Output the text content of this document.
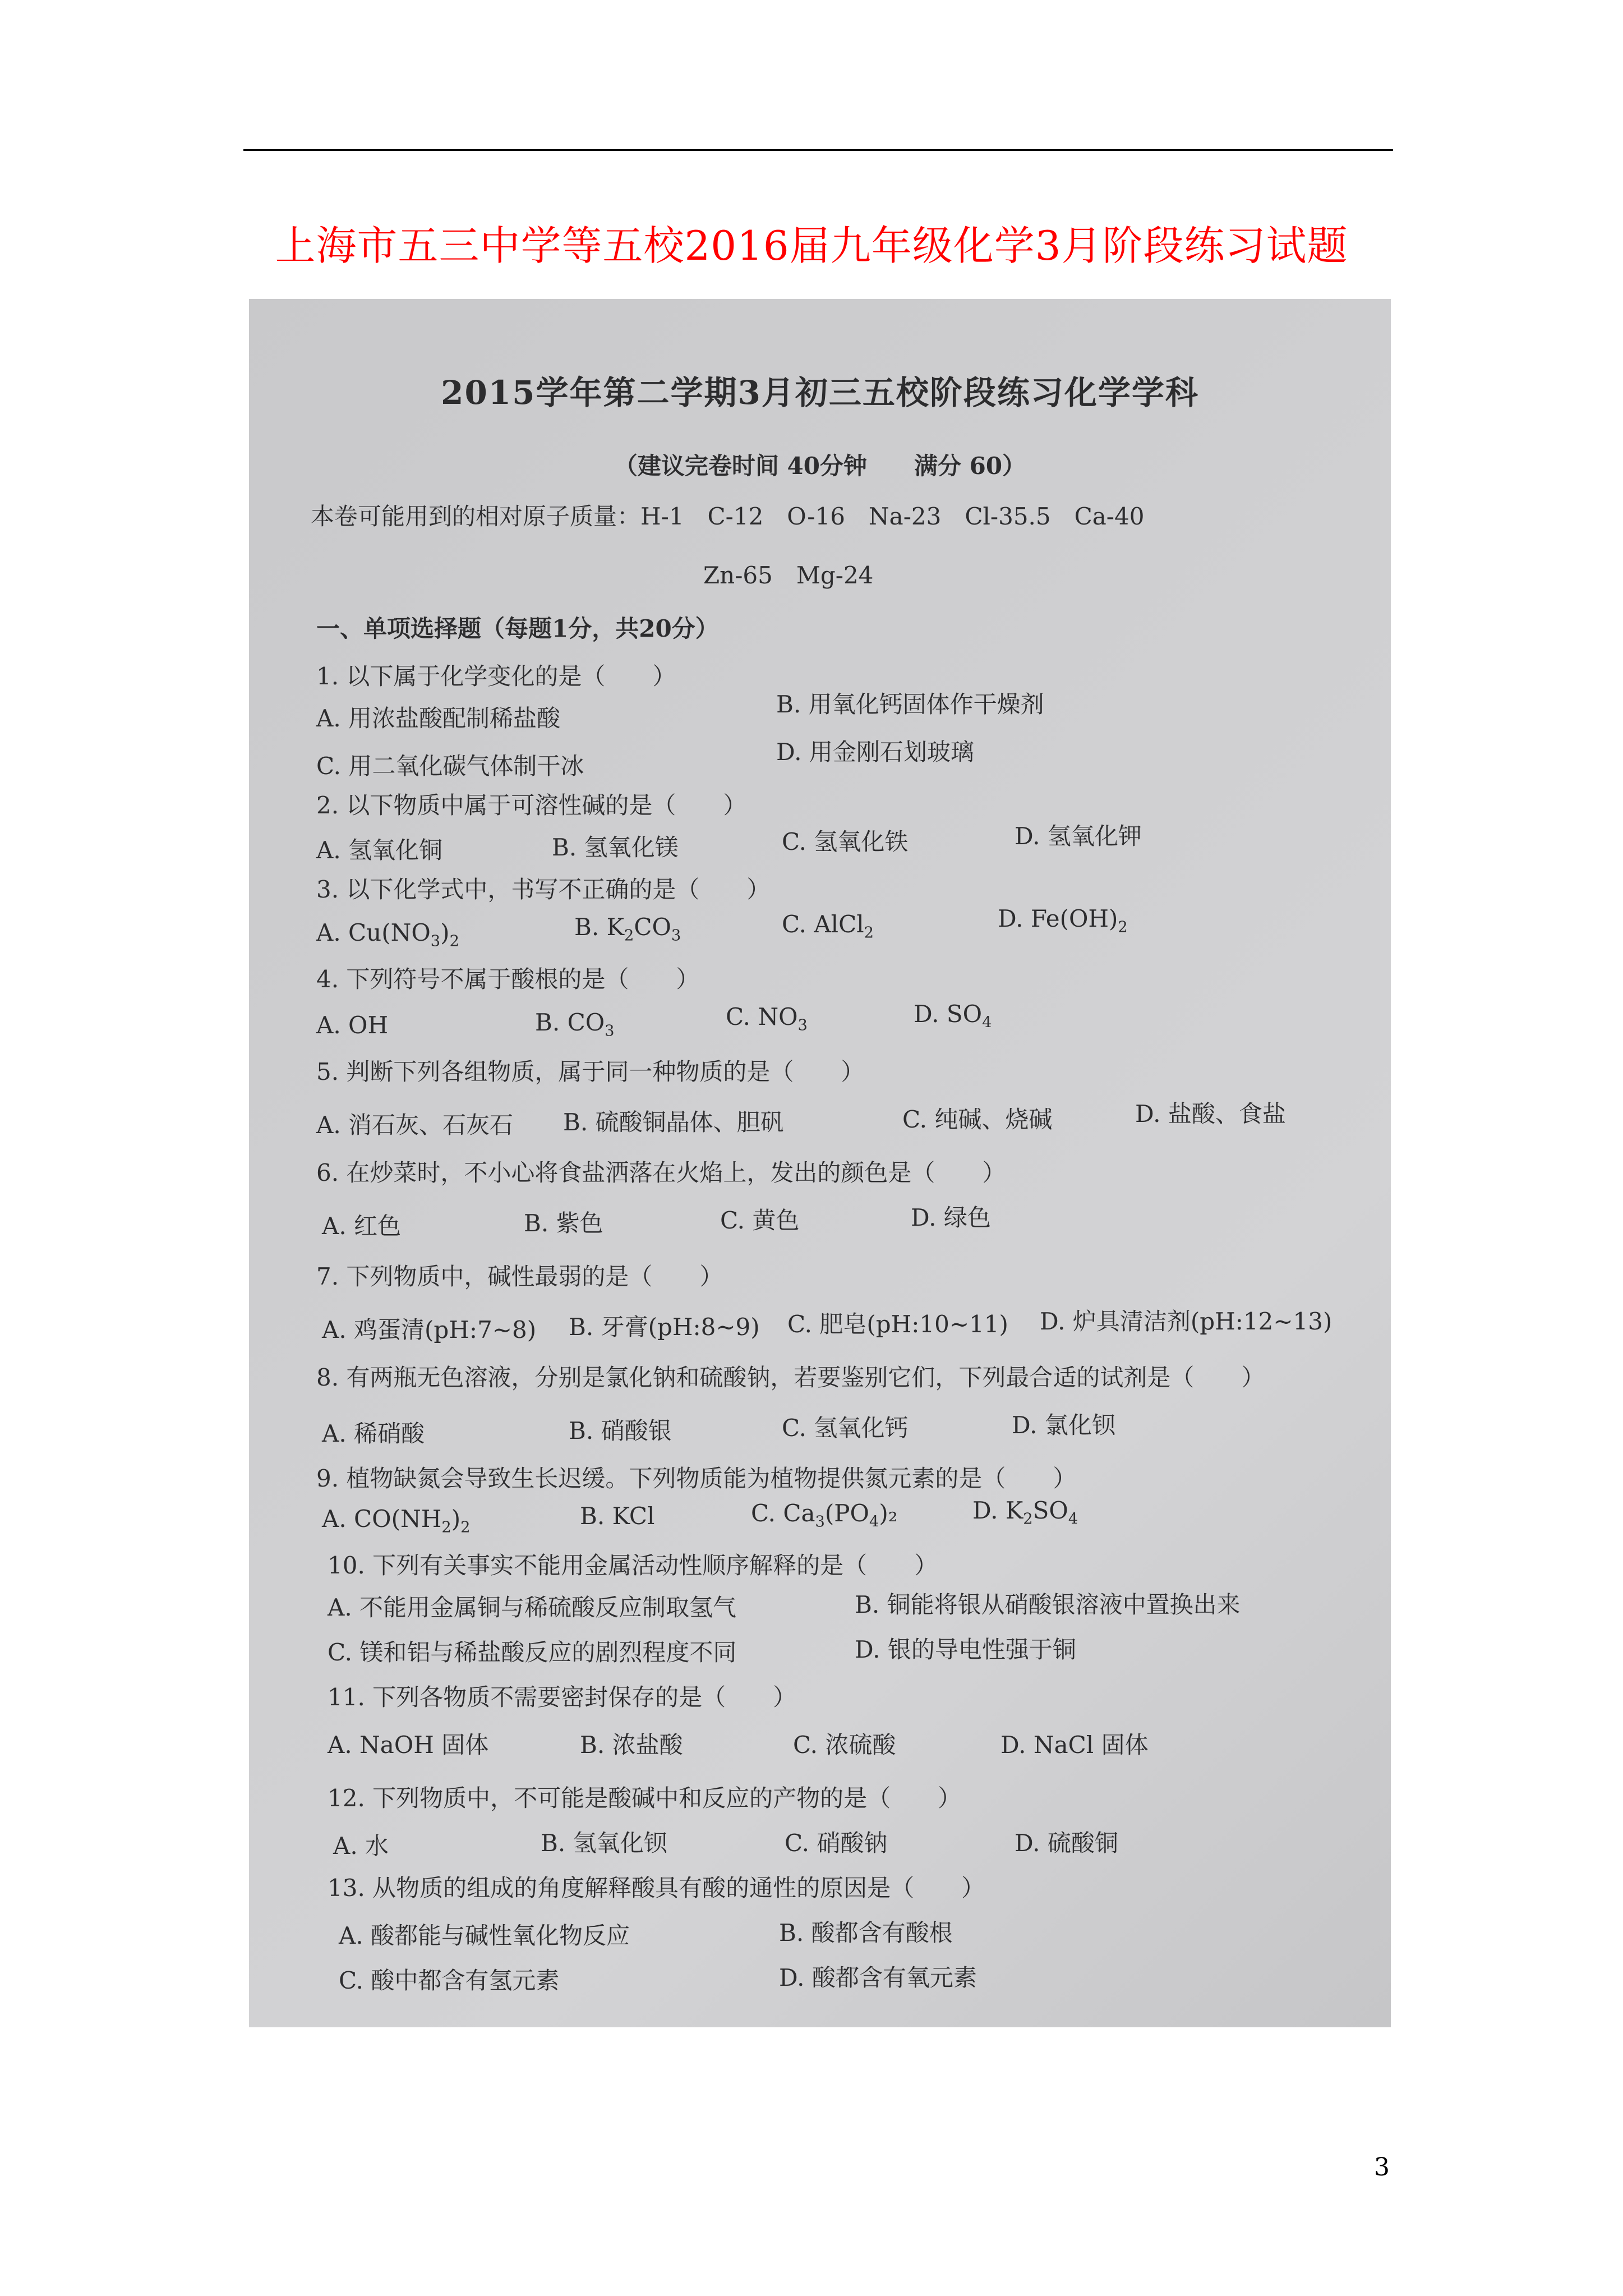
上海市五三中学等五校2016届九年级化学3月阶段练习试题
2015学年第二学期3月初三五校阶段练习化学学科
（建议完卷时间 40分钟　　满分 60）
本卷可能用到的相对原子质量：H-1　C-12　O-16　Na-23　Cl-35.5　Ca-40
Zn-65　Mg-24
一、单项选择题（每题1分，共20分）
1. 以下属于化学变化的是（　　）
A. 用浓盐酸配制稀盐酸
B. 用氧化钙固体作干燥剂
C. 用二氧化碳气体制干冰
D. 用金刚石划玻璃
2. 以下物质中属于可溶性碱的是（　　）
A. 氢氧化铜	B. 氢氧化镁	C. 氢氧化铁	D. 氢氧化钾
3. 以下化学式中，书写不正确的是（　　）
A. $Cu(NO_3)_2$
B. $K_2CO_3$	C. AlCl$_2$
D. $Fe(OH)_2$
4. 下列符号不属于酸根的是（　　）
A. OH	B. $CO_3$
C. $NO_3$	D. $SO_4$
5. 判断下列各组物质，属于同一种物质的是（　　）
A. 消石灰、石灰石 B. 硫酸铜晶体、胆矾	C. 纯碱、烧碱	D. 盐酸、食盐
6. 在炒菜时，不小心将食盐洒落在火焰上，发出的颜色是（　　）
A. 红色	B. 紫色	C. 黄色	D. 绿色
7. 下列物质中，碱性最弱的是（　　）
A. 鸡蛋清(pH:7~8) B. 牙膏(pH:8~9) C. 肥皂(pH:10~11) D. 炉具清洁剂(pH:12~13)
8. 有两瓶无色溶液，分别是氯化钠和硫酸钠，若要鉴别它们，下列最合适的试剂是（　　）
A. 稀硝酸	B. 硝酸银	C. 氢氧化钙	D. 氯化钡
9. 植物缺氮会导致生长迟缓。下列物质能为植物提供氮元素的是（　　）
A. $CO(NH_2)_2$	B. KCl	C. $Ca_3(PO_4)_2$	D. $K_2SO_4$
10. 下列有关事实不能用金属活动性顺序解释的是（　　）
A. 不能用金属铜与稀硫酸反应制取氢气	B. 铜能将银从硝酸银溶液中置换出来
C. 镁和铝与稀盐酸反应的剧烈程度不同	D. 银的导电性强于铜
11. 下列各物质不需要密封保存的是（　　）
A. NaOH 固体	B. 浓盐酸	C. 浓硫酸	D. NaCl 固体
12. 下列物质中，不可能是酸碱中和反应的产物的是（　　）
A. 水	B. 氢氧化钡	C. 硝酸钠	D. 硫酸铜
13. 从物质的组成的角度解释酸具有酸的通性的原因是（　　）
A. 酸都能与碱性氧化物反应	B. 酸都含有酸根
C. 酸中都含有氢元素	D. 酸都含有氧元素
3
